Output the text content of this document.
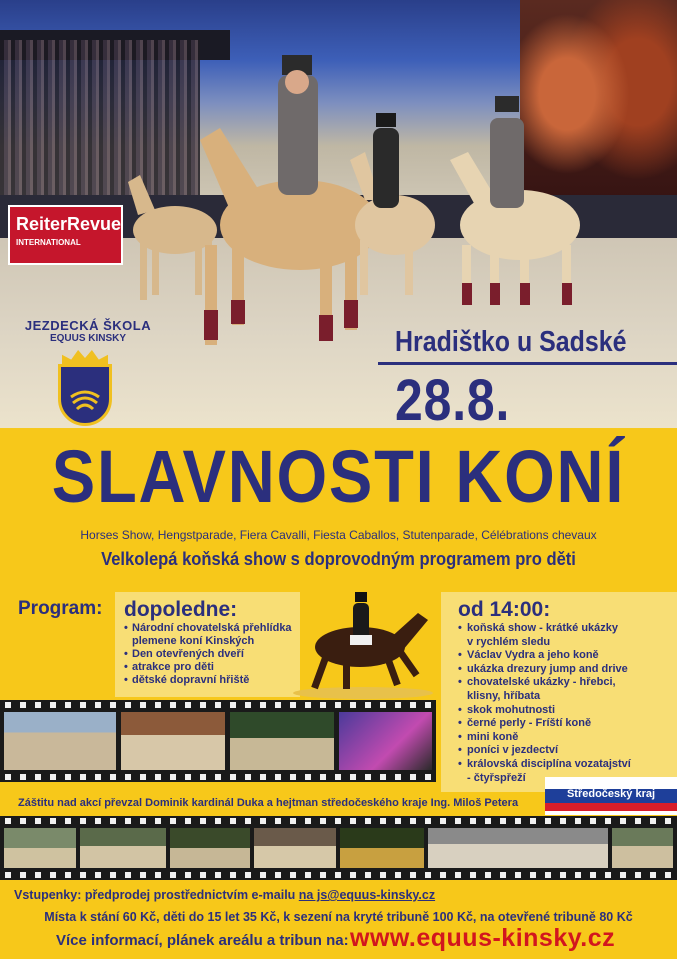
ReiterRevue
INTERNATIONAL
JEZDECKÁ ŠKOLA
EQUUS KINSKY	Hradištko u Sadské
28.8.
SLAVNOSTI KONÍ
Horses Show, Hengstparade, Fiera Cavalli, Fiesta Caballos, Stutenparade, Célébrations chevaux
Velkolepá koňská show s doprovodným programem pro děti
Program: dopoledne:
• Národní chovatelská přehlídka
plemene koní Kinských
• Den otevřených dveří
• atrakce pro děti
• dětské dopravní hřiště
od 14:00:
• koňská show - krátké ukázky
v rychlém sledu
• Václav Vydra a jeho koně
• ukázka drezury jump and drive
• chovatelské ukázky - hřebci,
klisny, hříbata
• skok mohutnosti
• černé perly - Fríští koně
• mini koně
• poníci v jezdectví
• královská disciplína vozatajství
- čtyřspřeží
Záštitu nad akcí převzal Dominik kardinál Duka a hejtman středočeského kraje Ing. Miloš Petera
Středočeský kraj
Vstupenky: předprodej prostřednictvím e-mailu na js@equus-kinsky.cz
Místa k stání 60 Kč, děti do 15 let 35 Kč, k sezení na kryté tribuně 100 Kč, na otevřené tribuně 80 Kč
Více informací, plánek areálu a tribun na: www.equus-kinsky.cz
